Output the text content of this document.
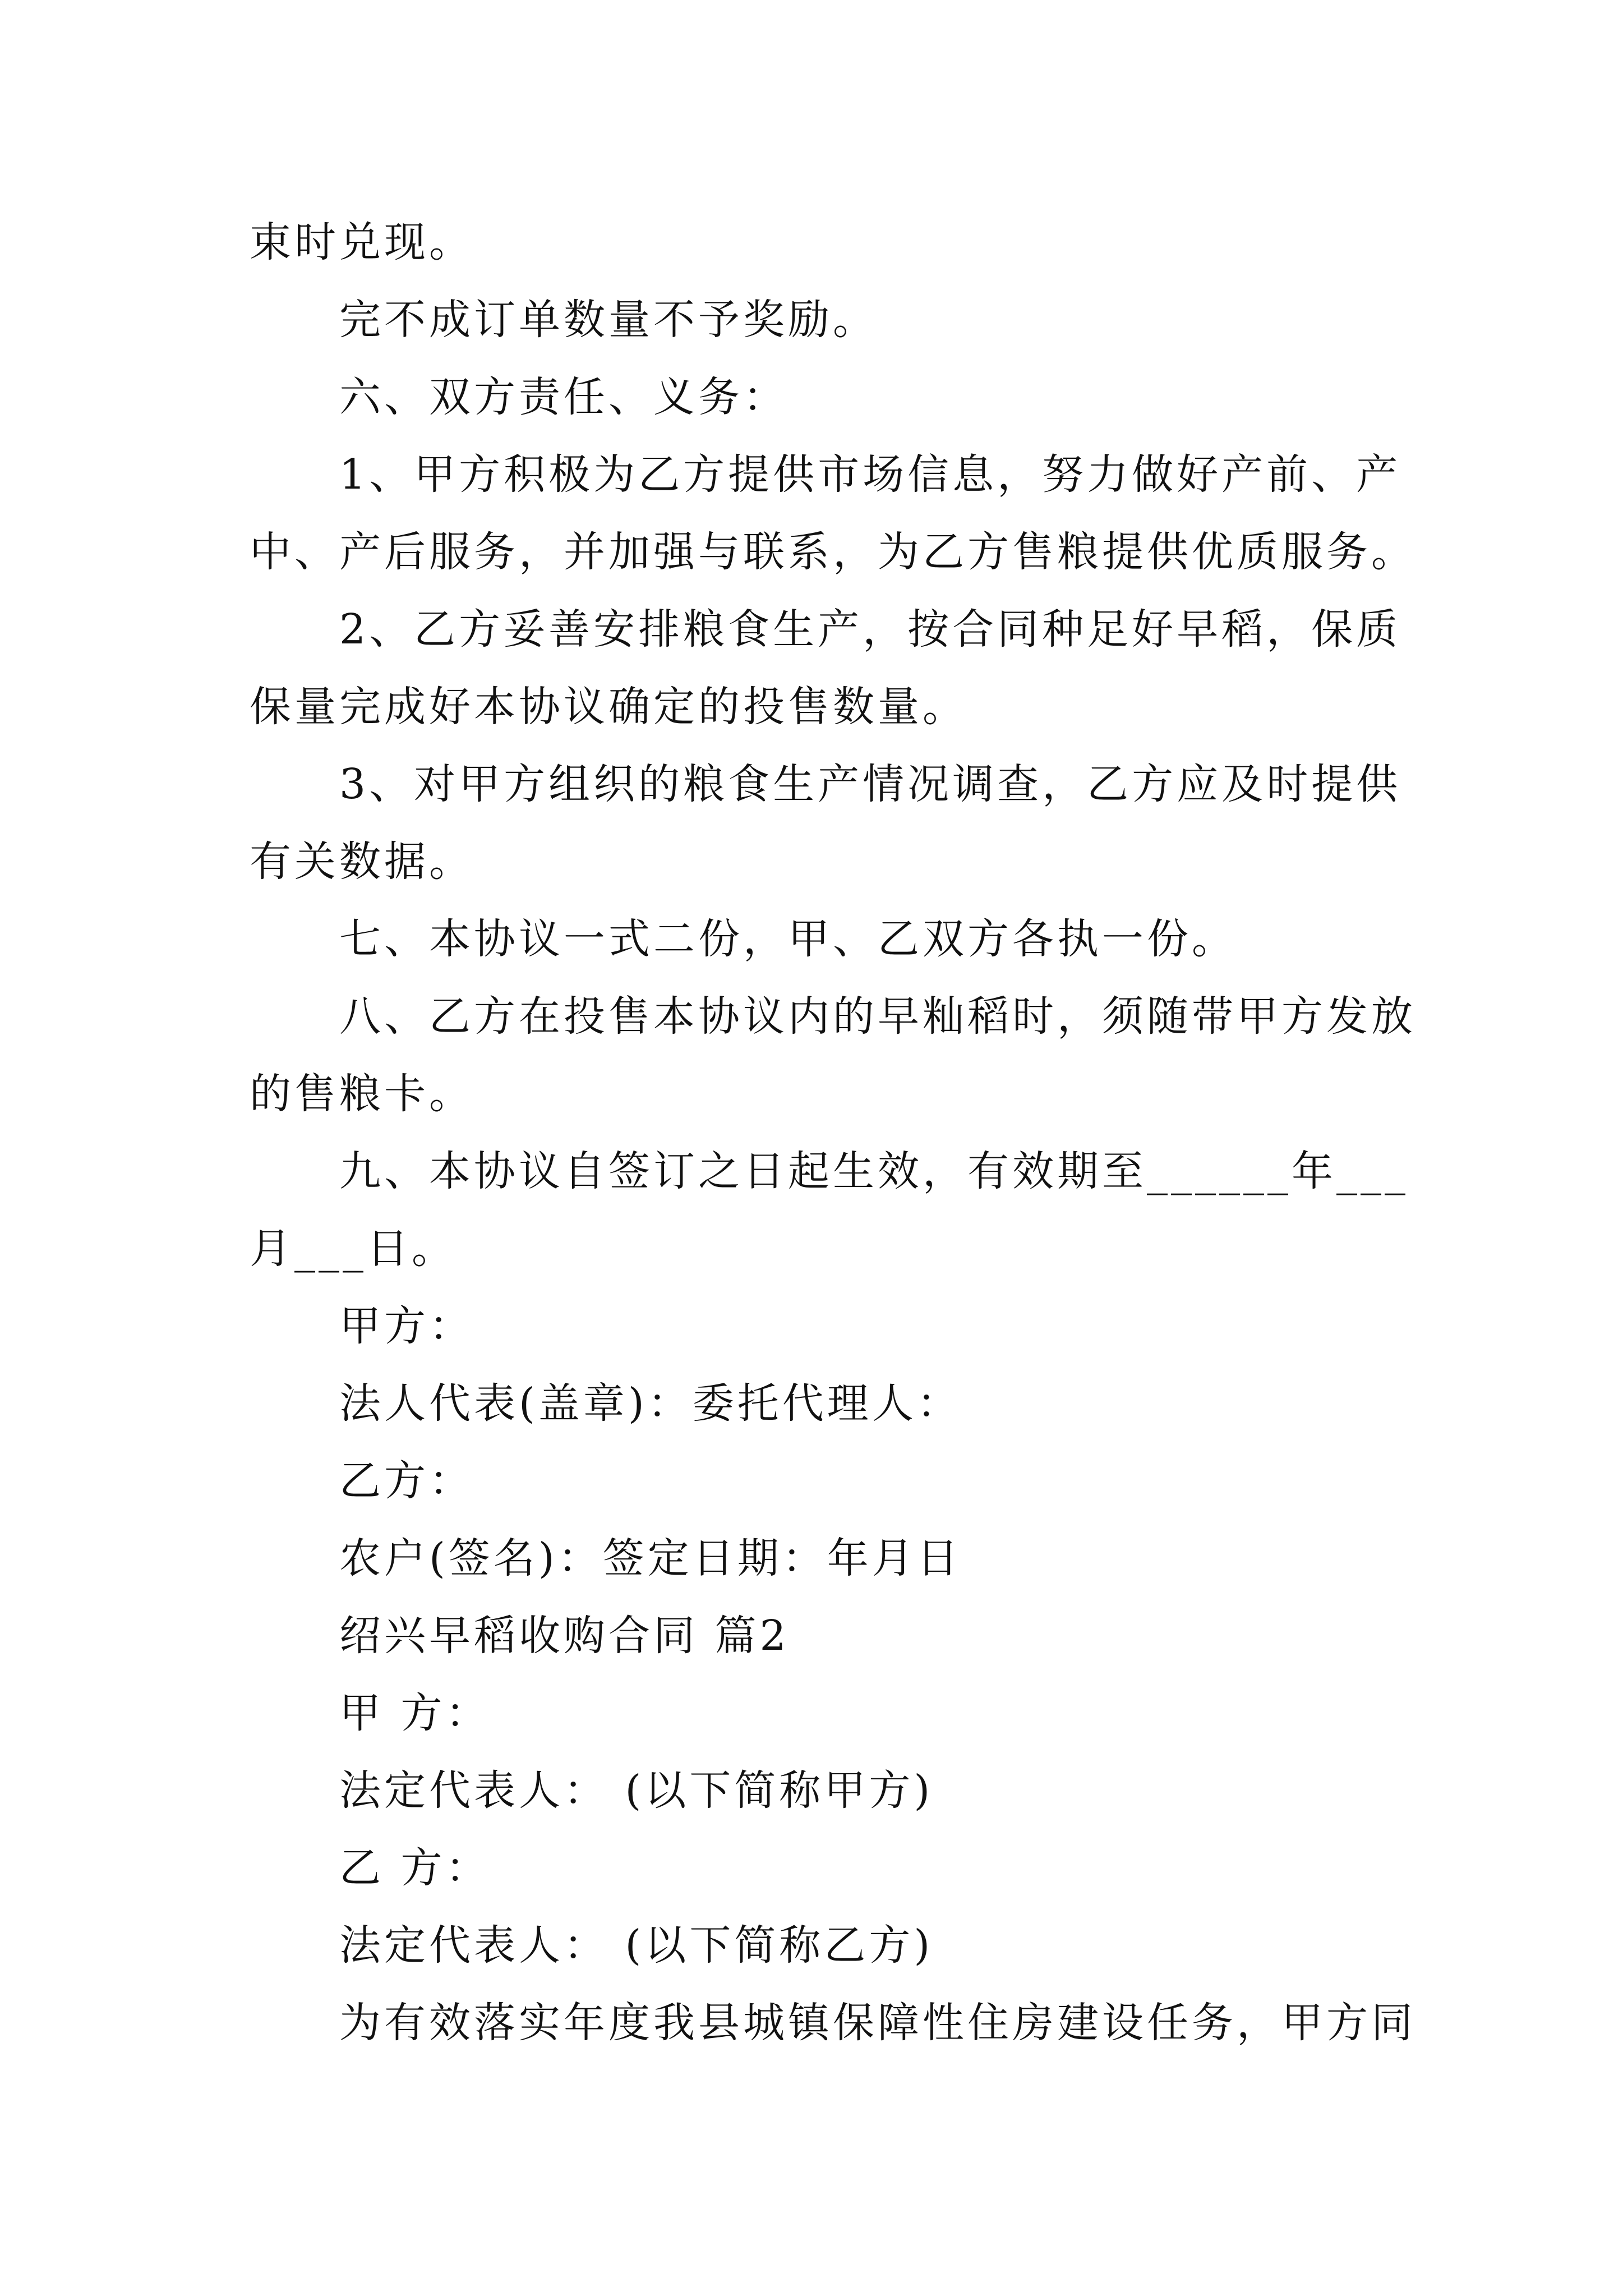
束时兑现。
完不成订单数量不予奖励。
六、双方责任、义务：
1、甲方积极为乙方提供市场信息，努力做好产前、产
中、产后服务，并加强与联系，为乙方售粮提供优质服务。
2、乙方妥善安排粮食生产，按合同种足好早稻，保质
保量完成好本协议确定的投售数量。
3、对甲方组织的粮食生产情况调查，乙方应及时提供
有关数据。
七、本协议一式二份，甲、乙双方各执一份。
八、乙方在投售本协议内的早籼稻时，须随带甲方发放
的售粮卡。
九、本协议自签订之日起生效，有效期至______年___
月___日。
甲方：
法人代表(盖章)：委托代理人：
乙方：
农户(签名)：签定日期：年月日
绍兴早稻收购合同 篇2
甲 方：
法定代表人： (以下简称甲方)
乙 方：
法定代表人： (以下简称乙方)
为有效落实年度我县城镇保障性住房建设任务，甲方同
